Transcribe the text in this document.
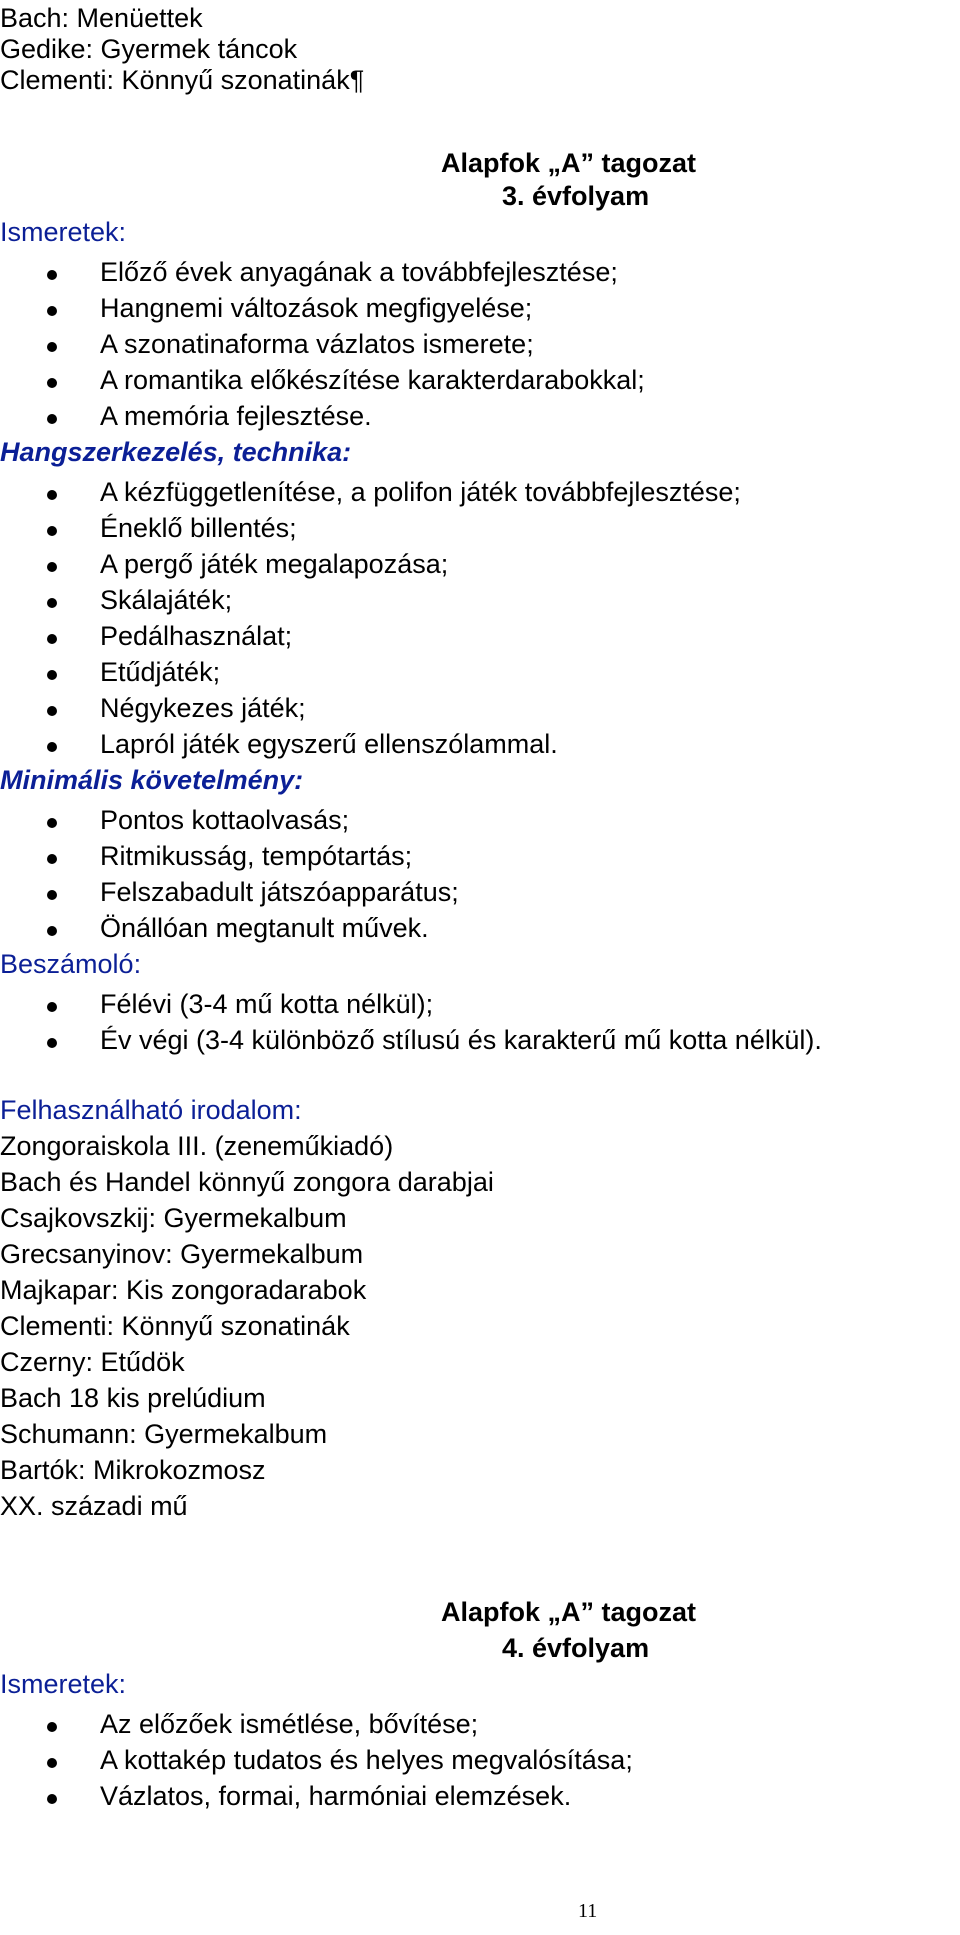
Bach: Menüettek
Gedike: Gyermek táncok
Clementi: Könnyű szonatinák¶
Alapfok „A” tagozat
3. évfolyam
Ismeretek:
Előző évek anyagának a továbbfejlesztése;
Hangnemi változások megfigyelése;
A szonatinaforma vázlatos ismerete;
A romantika előkészítése karakterdarabokkal;
A memória fejlesztése.
Hangszerkezelés, technika:
A kézfüggetlenítése, a polifon játék továbbfejlesztése;
Éneklő billentés;
A pergő játék megalapozása;
Skálajáték;
Pedálhasználat;
Etűdjáték;
Négykezes játék;
Lapról játék egyszerű ellenszólammal.
Minimális követelmény:
Pontos kottaolvasás;
Ritmikusság, tempótartás;
Felszabadult játszóapparátus;
Önállóan megtanult művek.
Beszámoló:
Félévi (3-4 mű kotta nélkül);
Év végi (3-4 különböző stílusú és karakterű mű kotta nélkül).
Felhasználható irodalom:
Zongoraiskola III. (zeneműkiadó)
Bach és Handel könnyű zongora darabjai
Csajkovszkij: Gyermekalbum
Grecsanyinov: Gyermekalbum
Majkapar: Kis zongoradarabok
Clementi: Könnyű szonatinák
Czerny: Etűdök
Bach 18 kis prelúdium
Schumann: Gyermekalbum
Bartók: Mikrokozmosz
XX. századi mű
Alapfok „A” tagozat
4. évfolyam
Ismeretek:
Az előzőek ismétlése, bővítése;
A kottakép tudatos és helyes megvalósítása;
Vázlatos, formai, harmóniai elemzések.
11
